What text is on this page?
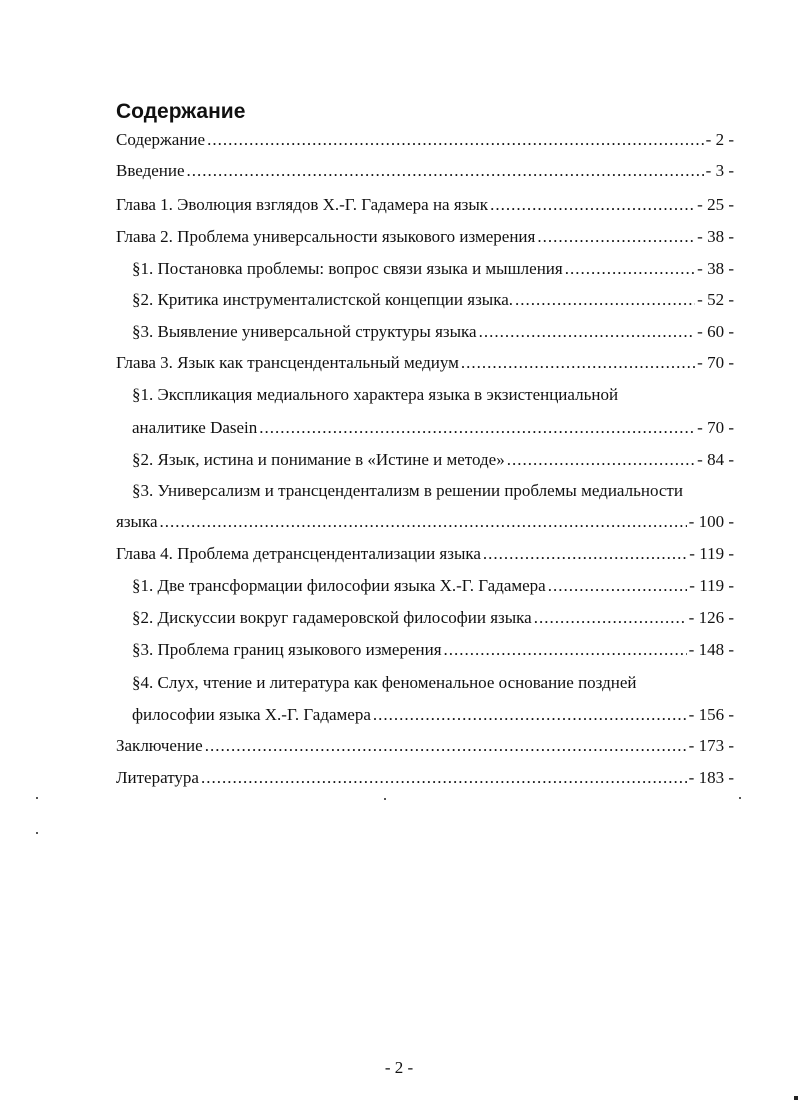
Содержание
Содержание .....	- 2 -
Введение .....	- 3 -
Глава 1. Эволюция взглядов Х.-Г. Гадамера на язык .....	- 25 -
Глава 2. Проблема универсальности языкового измерения .....	- 38 -
§1. Постановка проблемы: вопрос связи языка и мышления .....	- 38 -
§2. Критика инструменталистской концепции языка. .....	- 52 -
§3. Выявление универсальной структуры языка .....	- 60 -
Глава 3. Язык как трансцендентальный медиум .....	- 70 -
§1. Экспликация медиального характера языка в экзистенциальной
аналитике Dasein .....	- 70 -
§2. Язык, истина и понимание в «Истине и методе» .....	- 84 -
§3. Универсализм и трансцендентализм в решении проблемы медиальности
языка .....	- 100 -
Глава 4. Проблема детрансцендентализации языка .....	- 119 -
§1. Две трансформации философии языка Х.-Г. Гадамера .....	- 119 -
§2. Дискуссии вокруг гадамеровской философии языка .....	- 126 -
§3. Проблема границ языкового измерения .....	- 148 -
§4. Слух, чтение и литература как феноменальное основание поздней
философии языка Х.-Г. Гадамера .....	- 156 -
Заключение .....	- 173 -
Литература .....	- 183 -
- 2 -
